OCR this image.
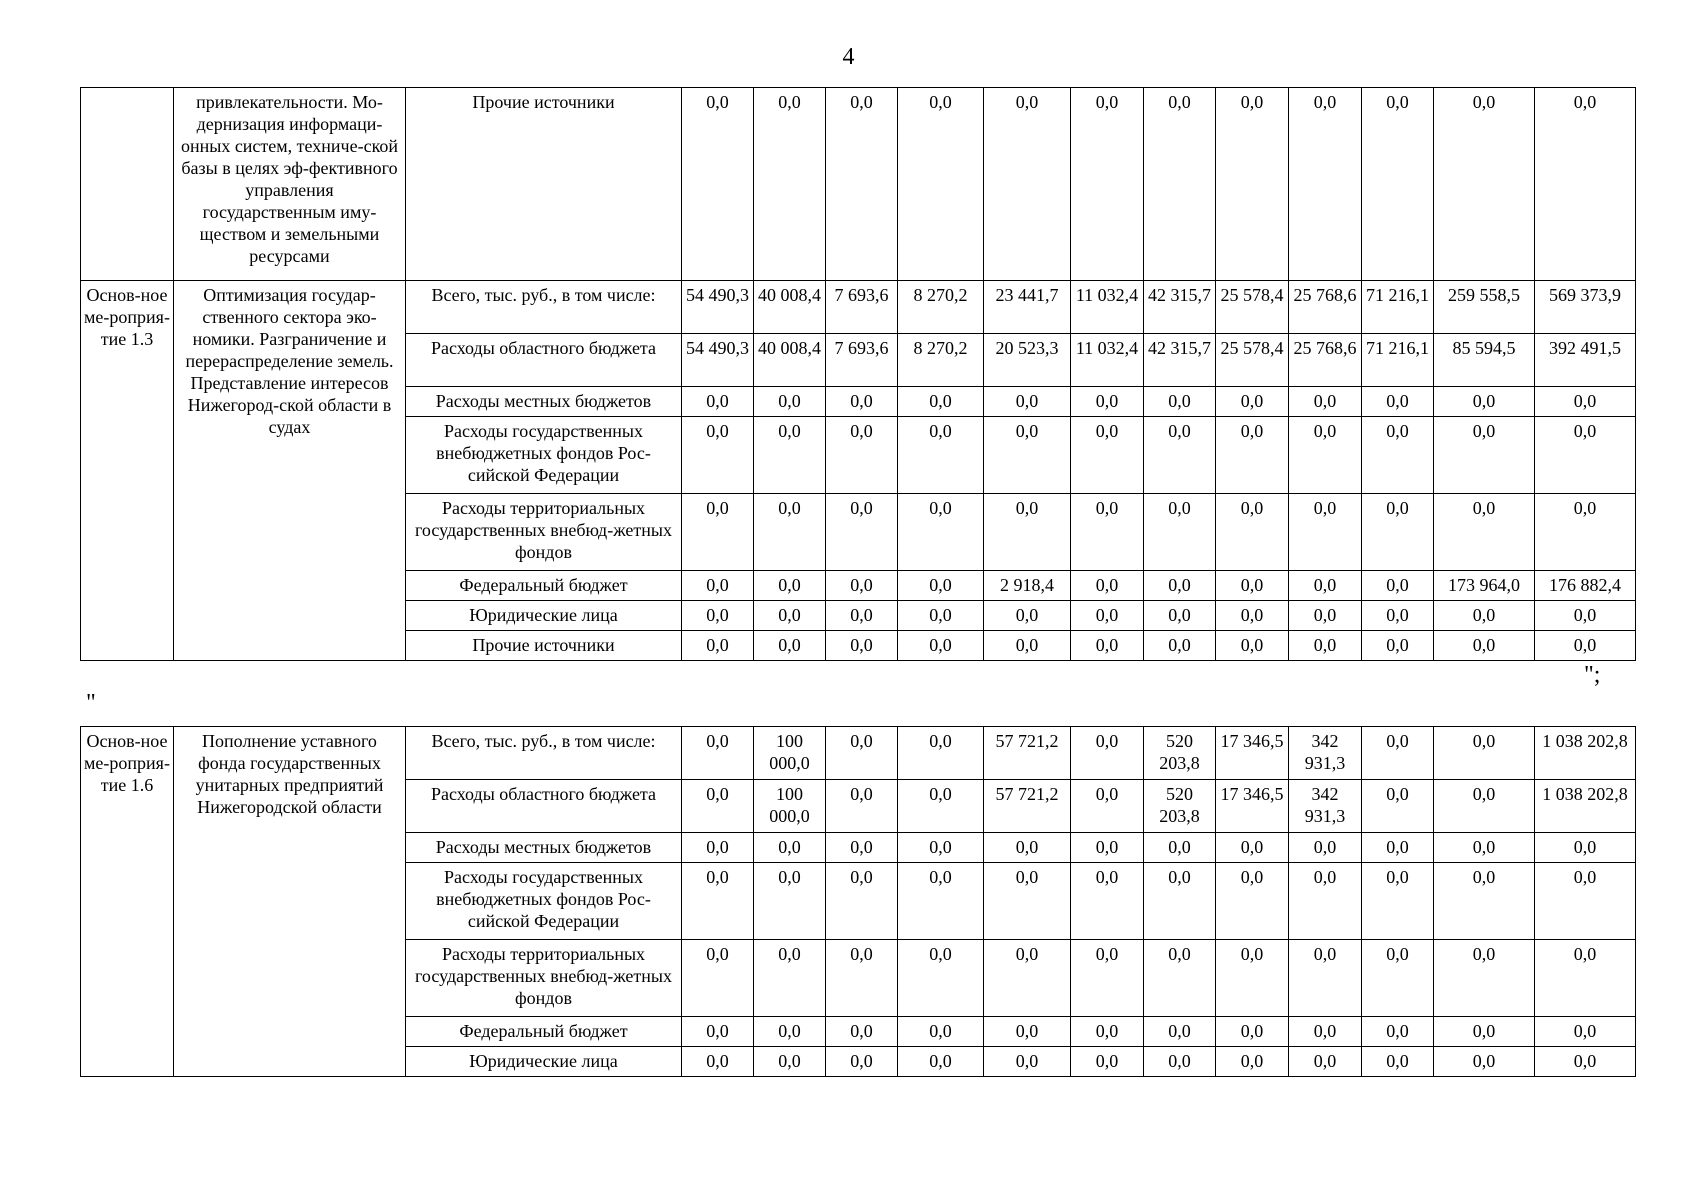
4
	привлекательности. Мо-дернизация информаци-онных систем, техниче-ской базы в целях эф-фективного управления государственным иму-ществом и земельными ресурсами	Прочие источники	0,0	0,0	0,0	0,0	0,0	0,0	0,0	0,0	0,0	0,0	0,0	0,0
Основ-ное ме-роприя-тие 1.3	Оптимизация государ-ственного сектора эко-номики. Разграничение и перераспределение земель. Представление интересов Нижегород-ской области в судах	Всего, тыс. руб., в том числе:	54 490,3	40 008,4	7 693,6	8 270,2	23 441,7	11 032,4	42 315,7	25 578,4	25 768,6	71 216,1	259 558,5	569 373,9
		Расходы областного бюджета	54 490,3	40 008,4	7 693,6	8 270,2	20 523,3	11 032,4	42 315,7	25 578,4	25 768,6	71 216,1	85 594,5	392 491,5
		Расходы местных бюджетов	0,0	0,0	0,0	0,0	0,0	0,0	0,0	0,0	0,0	0,0	0,0	0,0
		Расходы государственных внебюджетных фондов Рос-сийской Федерации	0,0	0,0	0,0	0,0	0,0	0,0	0,0	0,0	0,0	0,0	0,0	0,0
		Расходы территориальных государственных внебюд-жетных фондов	0,0	0,0	0,0	0,0	0,0	0,0	0,0	0,0	0,0	0,0	0,0	0,0
		Федеральный бюджет	0,0	0,0	0,0	0,0	2 918,4	0,0	0,0	0,0	0,0	0,0	173 964,0	176 882,4
		Юридические лица	0,0	0,0	0,0	0,0	0,0	0,0	0,0	0,0	0,0	0,0	0,0	0,0
		Прочие источники	0,0	0,0	0,0	0,0	0,0	0,0	0,0	0,0	0,0	0,0	0,0	0,0
";
"
Основ-ное ме-роприя-тие 1.6	Пополнение уставного фонда государственных унитарных предприятий Нижегородской области	Всего, тыс. руб., в том числе:	0,0	100 000,0	0,0	0,0	57 721,2	0,0	520 203,8	17 346,5	342 931,3	0,0	0,0	1 038 202,8
		Расходы областного бюджета	0,0	100 000,0	0,0	0,0	57 721,2	0,0	520 203,8	17 346,5	342 931,3	0,0	0,0	1 038 202,8
		Расходы местных бюджетов	0,0	0,0	0,0	0,0	0,0	0,0	0,0	0,0	0,0	0,0	0,0	0,0
		Расходы государственных внебюджетных фондов Рос-сийской Федерации	0,0	0,0	0,0	0,0	0,0	0,0	0,0	0,0	0,0	0,0	0,0	0,0
		Расходы территориальных государственных внебюд-жетных фондов	0,0	0,0	0,0	0,0	0,0	0,0	0,0	0,0	0,0	0,0	0,0	0,0
		Федеральный бюджет	0,0	0,0	0,0	0,0	0,0	0,0	0,0	0,0	0,0	0,0	0,0	0,0
		Юридические лица	0,0	0,0	0,0	0,0	0,0	0,0	0,0	0,0	0,0	0,0	0,0	0,0
